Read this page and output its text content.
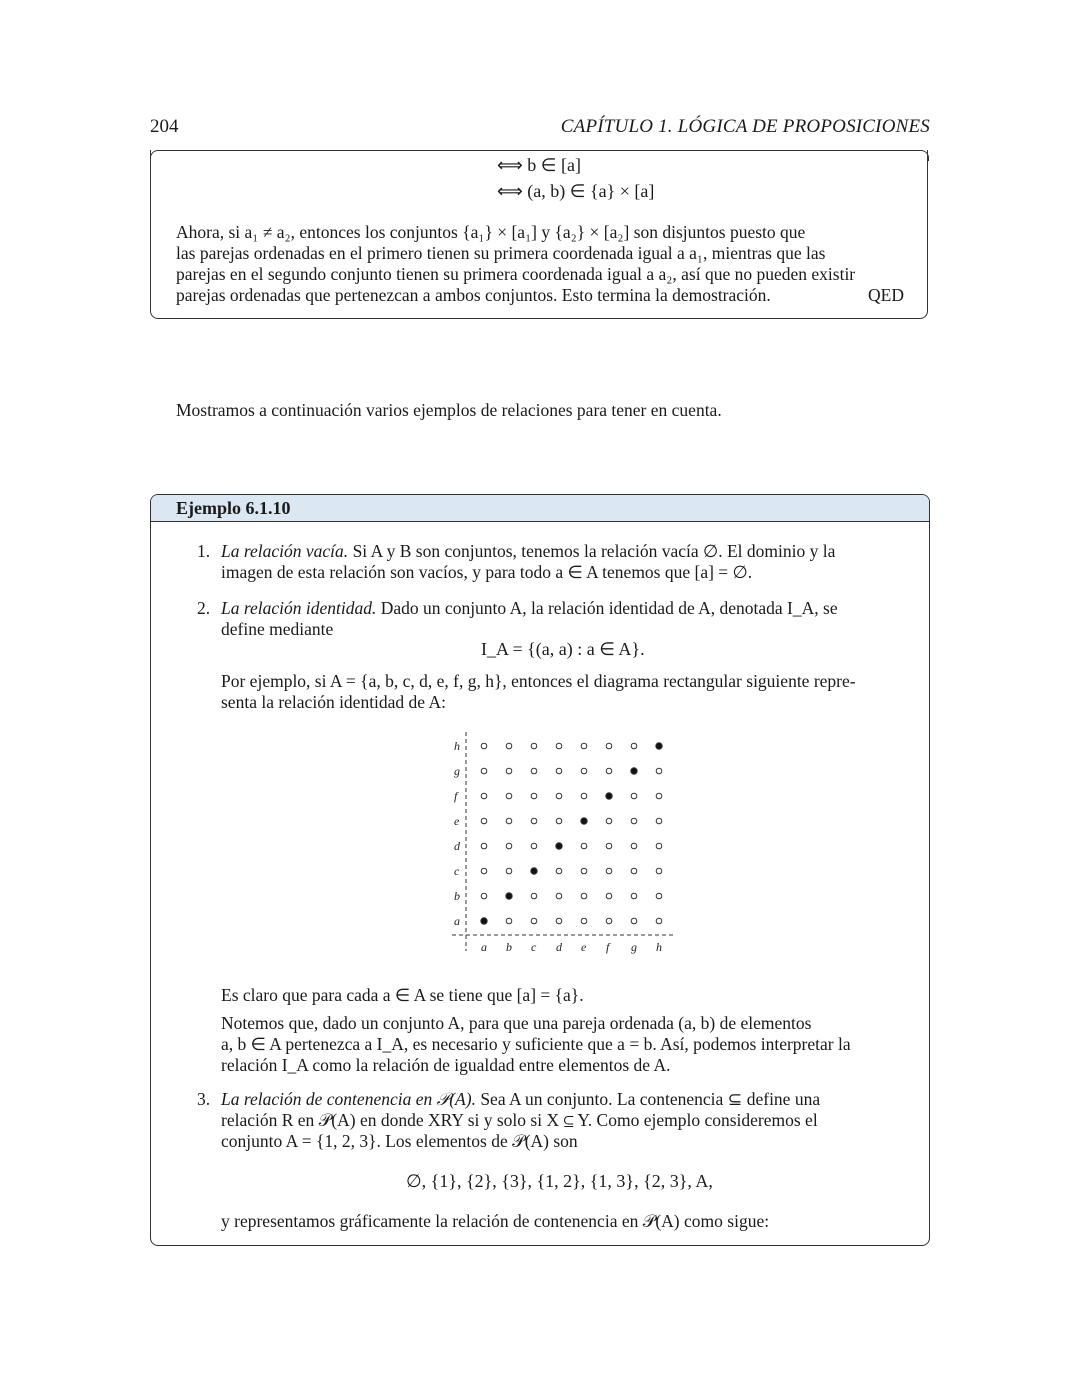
204	CAPÍTULO 1. LÓGICA DE PROPOSICIONES
⟺ b ∈ [a]
⟺ (a, b) ∈ {a} × [a]
Ahora, si a₁ ≠ a₂, entonces los conjuntos {a₁} × [a₁] y {a₂} × [a₂] son disjuntos puesto que
las parejas ordenadas en el primero tienen su primera coordenada igual a a₁, mientras que las
parejas en el segundo conjunto tienen su primera coordenada igual a a₂, así que no pueden existir
parejas ordenadas que pertenezcan a ambos conjuntos. Esto termina la demostración.	QED
Mostramos a continuación varios ejemplos de relaciones para tener en cuenta.
Ejemplo 6.1.10
1. La relación vacía. Si A y B son conjuntos, tenemos la relación vacía ∅. El dominio y la
imagen de esta relación son vacíos, y para todo a ∈ A tenemos que [a] = ∅.
2. La relación identidad. Dado un conjunto A, la relación identidad de A, denotada I_A, se
define mediante
I_A = {(a, a) : a ∈ A}.
Por ejemplo, si A = {a, b, c, d, e, f, g, h}, entonces el diagrama rectangular siguiente repre-
senta la relación identidad de A:
Es claro que para cada a ∈ A se tiene que [a] = {a}.
Notemos que, dado un conjunto A, para que una pareja ordenada (a, b) de elementos
a, b ∈ A pertenezca a I_A, es necesario y suficiente que a = b. Así, podemos interpretar la
relación I_A como la relación de igualdad entre elementos de A.
3. La relación de contenencia en 𝒫(A). Sea A un conjunto. La contenencia ⊆ define una
relación R en 𝒫(A) en donde XRY si y solo si X ⊆ Y. Como ejemplo consideremos el
conjunto A = {1, 2, 3}. Los elementos de 𝒫(A) son
∅, {1}, {2}, {3}, {1, 2}, {1, 3}, {2, 3}, A,
y representamos gráficamente la relación de contenencia en 𝒫(A) como sigue:
a
b
c
d
e
f
g
h
a b c d e f g h
